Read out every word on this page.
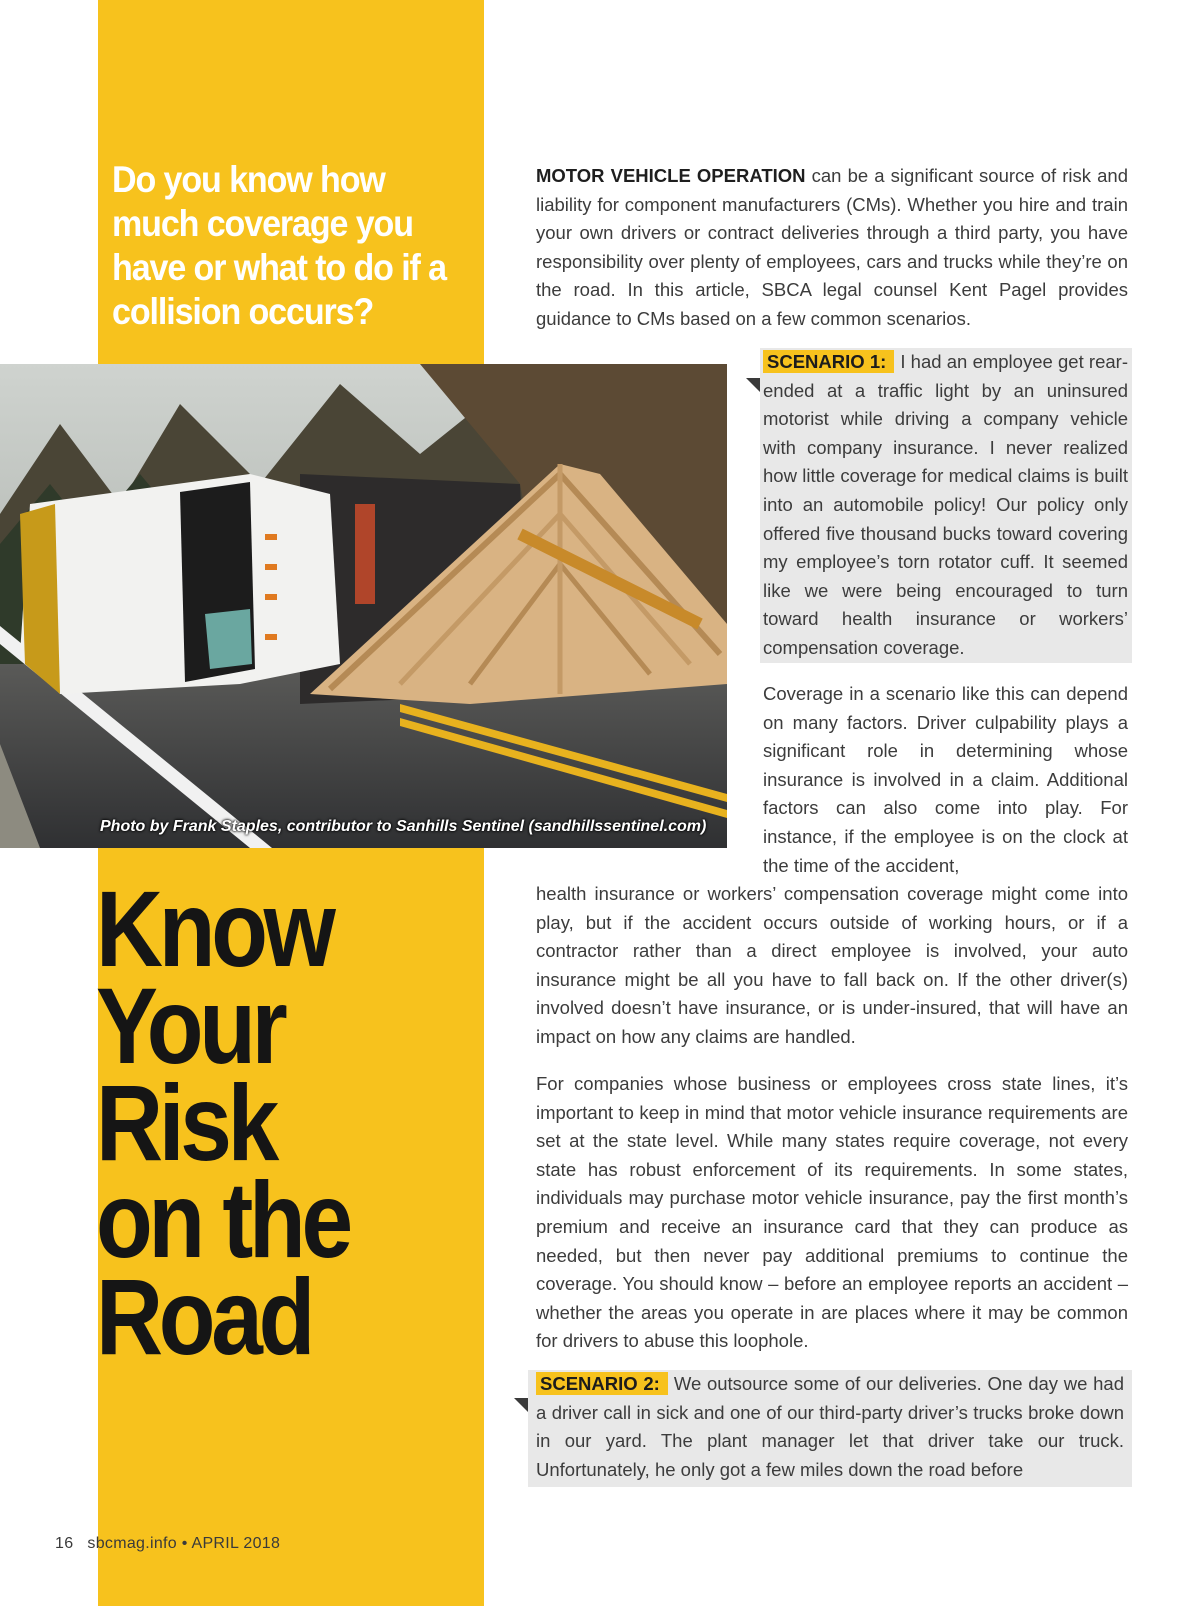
Do you know how much coverage you have or what to do if a collision occurs?
Photo by Frank Staples, contributor to Sanhills Sentinel (sandhillssentinel.com)
Know
Your Risk
on the
Road

MOTOR VEHICLE OPERATION can be a significant source of risk and liability for component manufacturers (CMs). Whether you hire and train your own drivers or contract deliveries through a third party, you have responsibility over plenty of employees, cars and trucks while they’re on the road. In this article, SBCA legal counsel Kent Pagel provides guidance to CMs based on a few common scenarios.

SCENARIO 1: I had an employee get rear-ended at a traffic light by an uninsured motorist while driving a company vehicle with company insurance. I never realized how little coverage for medical claims is built into an automobile policy! Our policy only offered five thousand bucks toward covering my employee’s torn rotator cuff. It seemed like we were being encouraged to turn toward health insurance or workers’ compensation coverage.

Coverage in a scenario like this can depend on many factors. Driver culpability plays a significant role in determining whose insurance is involved in a claim. Additional factors can also come into play. For instance, if the employee is on the clock at the time of the accident,

health insurance or workers’ compensation coverage might come into play, but if the accident occurs outside of working hours, or if a contractor rather than a direct employee is involved, your auto insurance might be all you have to fall back on. If the other driver(s) involved doesn’t have insurance, or is under-insured, that will have an impact on how any claims are handled.

For companies whose business or employees cross state lines, it’s important to keep in mind that motor vehicle insurance requirements are set at the state level. While many states require coverage, not every state has robust enforcement of its requirements. In some states, individuals may purchase motor vehicle insurance, pay the first month’s premium and receive an insurance card that they can produce as needed, but then never pay additional premiums to continue the coverage. You should know – before an employee reports an accident – whether the areas you operate in are places where it may be common for drivers to abuse this loophole.

SCENARIO 2: We outsource some of our deliveries. One day we had a driver call in sick and one of our third-party driver’s trucks broke down in our yard. The plant manager let that driver take our truck. Unfortunately, he only got a few miles down the road before

16 sbcmag.info • APRIL 2018
